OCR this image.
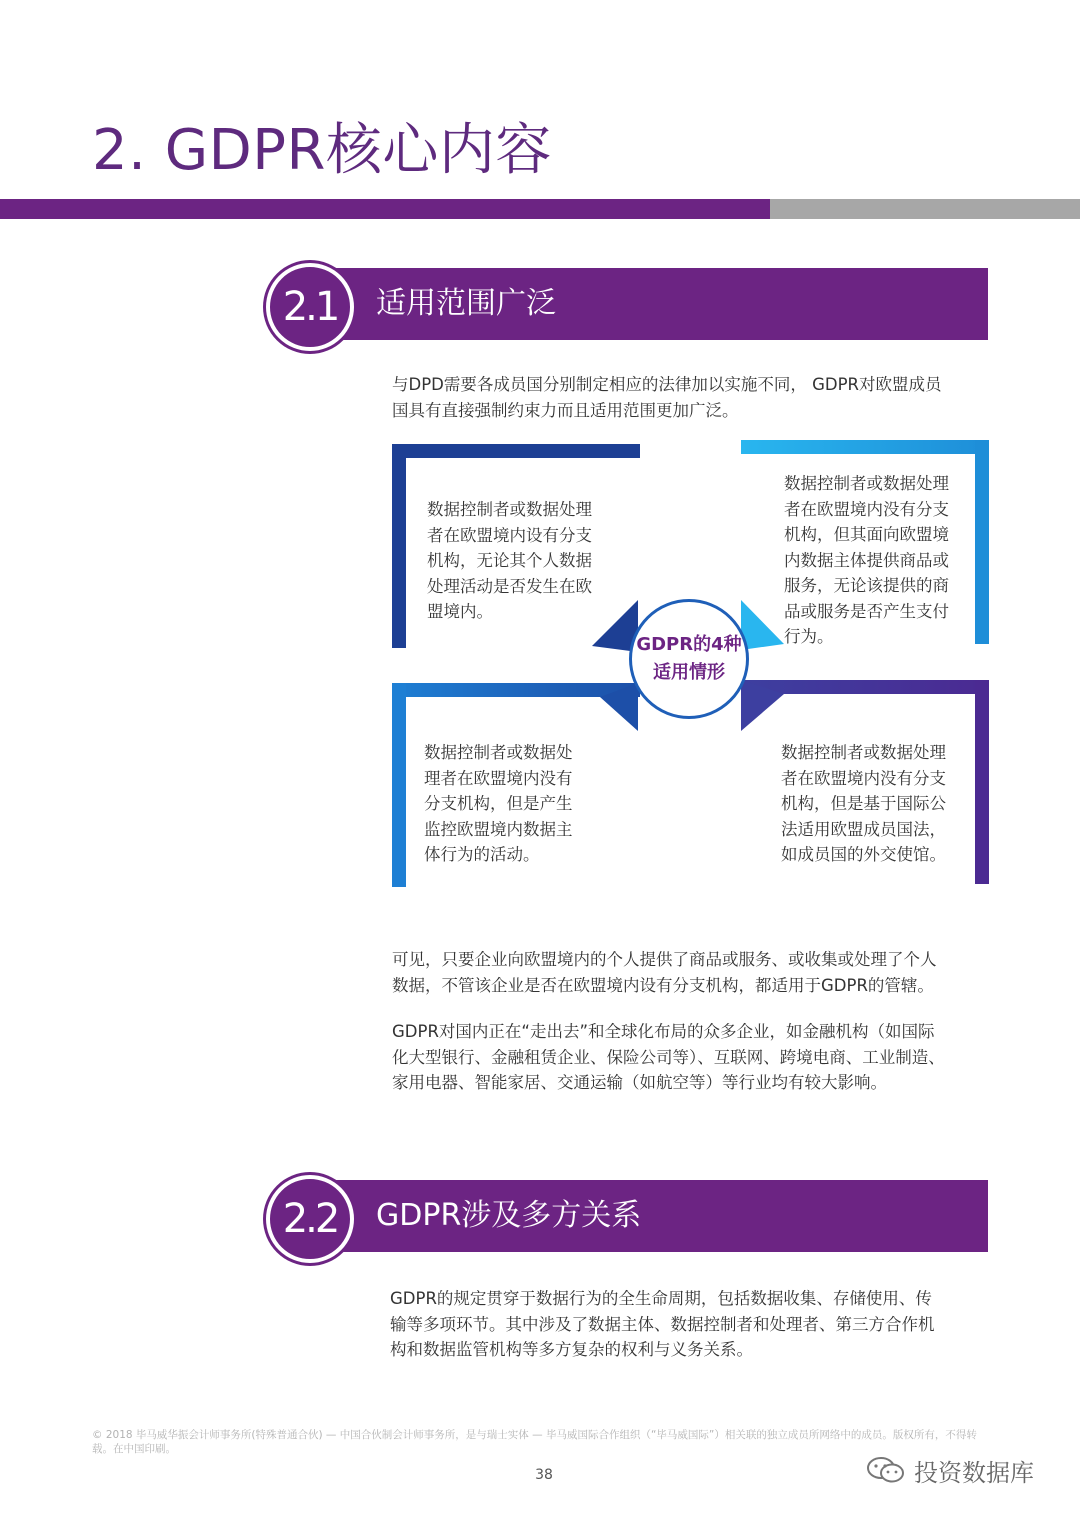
2. GDPR核心内容
2.1	适用范围广泛
与DPD需要各成员国分别制定相应的法律加以实施不同， GDPR对欧盟成员
国具有直接强制约束力而且适用范围更加广泛。
数据控制者或数据处理
者在欧盟境内设有分支
机构，无论其个人数据
处理活动是否发生在欧
盟境内。
数据控制者或数据处理
者在欧盟境内没有分支
机构，但其面向欧盟境
内数据主体提供商品或
服务，无论该提供的商
品或服务是否产生支付
行为。
数据控制者或数据处
理者在欧盟境内没有
分支机构，但是产生
监控欧盟境内数据主
体行为的活动。
数据控制者或数据处理
者在欧盟境内没有分支
机构，但是基于国际公
法适用欧盟成员国法，
如成员国的外交使馆。
GDPR的4种
适用情形
可见，只要企业向欧盟境内的个人提供了商品或服务、或收集或处理了个人
数据，不管该企业是否在欧盟境内设有分支机构，都适用于GDPR的管辖。
GDPR对国内正在“走出去”和全球化布局的众多企业，如金融机构（如国际
化大型银行、金融租赁企业、保险公司等）、互联网、跨境电商、工业制造、
家用电器、智能家居、交通运输（如航空等）等行业均有较大影响。
2.2	GDPR涉及多方关系
GDPR的规定贯穿于数据行为的全生命周期，包括数据收集、存储使用、传
输等多项环节。其中涉及了数据主体、数据控制者和处理者、第三方合作机
构和数据监管机构等多方复杂的权利与义务关系。
© 2018 毕马威华振会计师事务所(特殊普通合伙) — 中国合伙制会计师事务所，是与瑞士实体 — 毕马威国际合作组织（“毕马威国际”）相关联的独立成员所网络中的成员。版权所有，不得转载。在中国印刷。
38	投资数据库
